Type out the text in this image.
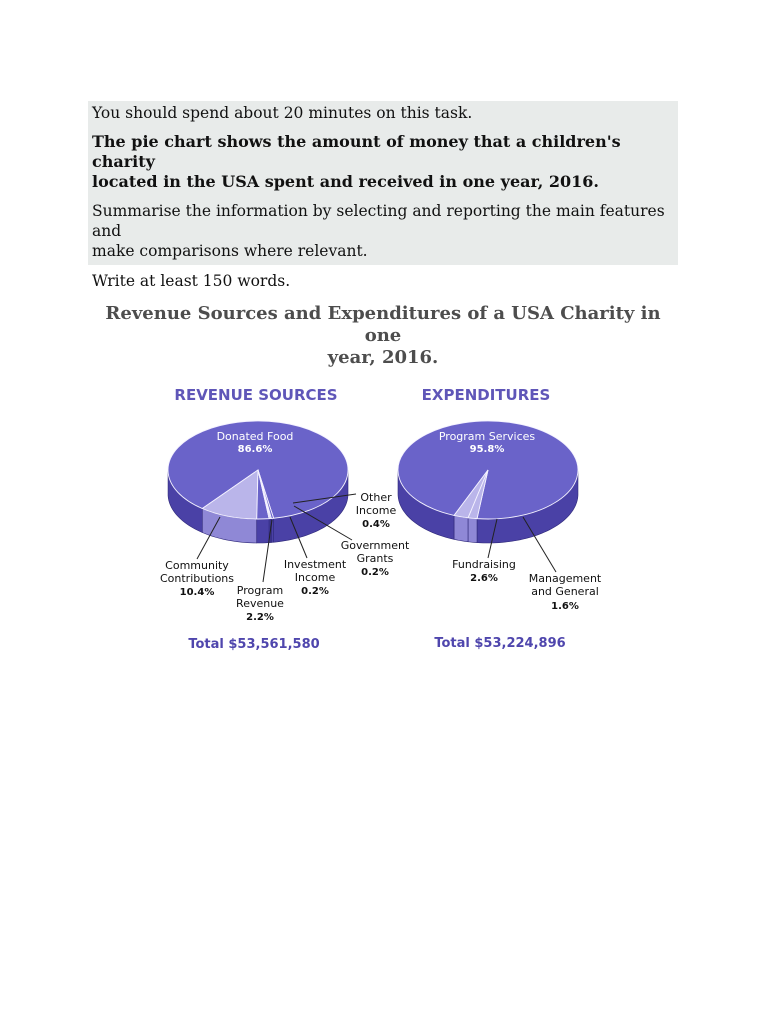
You should spend about 20 minutes on this task.

The pie chart shows the amount of money that a children's charity
located in the USA spent and received in one year, 2016.

Summarise the information by selecting and reporting the main features and
make comparisons where relevant.

Write at least 150 words.

Revenue Sources and Expenditures of a USA Charity in one
year, 2016.
REVENUE SOURCES	EXPENDITURES
Donated Food
86.6%
Community
Contributions
10.4% Program
Revenue
2.2%
Investment
Income
0.2%
Government
Grants
0.2%
Other
Income
0.4%
Total $53,561,580
Program Services
95.8%
Fundraising
2.6%	Management
and General
1.6%
Total $53,224,896
